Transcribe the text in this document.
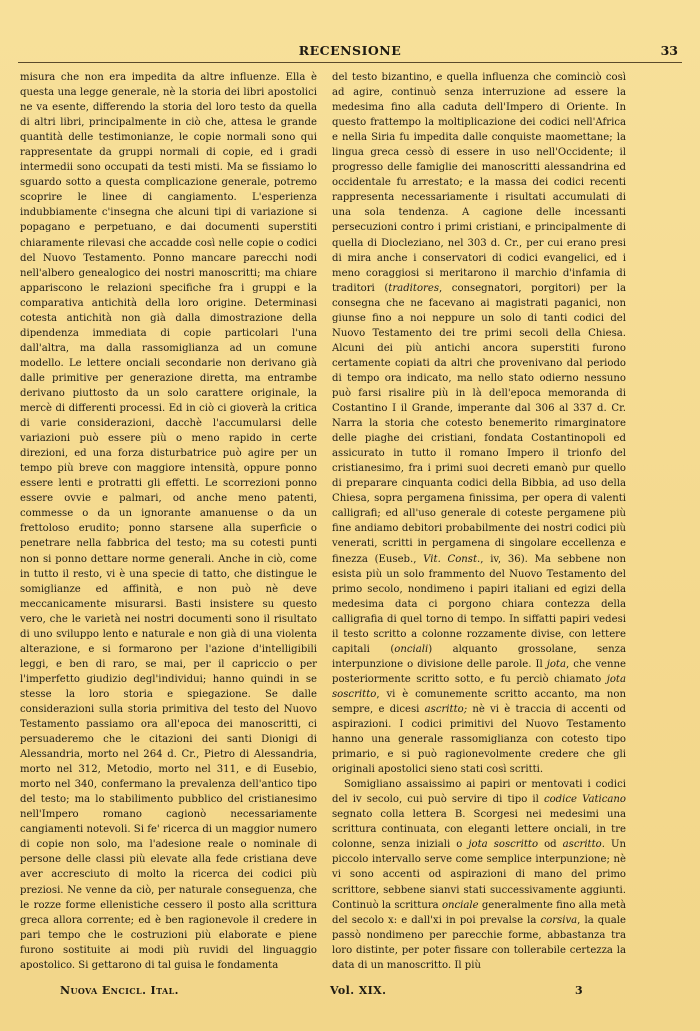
RECENSIONE	33

misura che non era impedita da altre influenze. Ella è questa una legge generale, nè la storia dei libri apostolici ne va esente, differendo la storia del loro testo da quella di altri libri, principalmente in ciò che, attesa le grande quantità delle testimonianze, le copie normali sono qui rappresentate da gruppi normali di copie, ed i gradi intermedii sono occupati da testi misti. Ma se fissiamo lo sguardo sotto a questa complicazione generale, potremo scoprire le linee di cangiamento. L'esperienza indubbiamente c'insegna che alcuni tipi di variazione si popagano e perpetuano, e dai documenti superstiti chiaramente rilevasi che accadde così nelle copie o codici del Nuovo Testamento. Ponno mancare parecchi nodi nell'albero genealogico dei nostri manoscritti; ma chiare appariscono le relazioni specifiche fra i gruppi e la comparativa antichità della loro origine. Determinasi cotesta antichità non già dalla dimostrazione della dipendenza immediata di copie particolari l'una dall'altra, ma dalla rassomiglianza ad un comune modello. Le lettere onciali secondarie non derivano già dalle primitive per generazione diretta, ma entrambe derivano piuttosto da un solo carattere originale, la mercè di differenti processi. Ed in ciò ci gioverà la critica di varie considerazioni, dacchè l'accumularsi delle variazioni può essere più o meno rapido in certe direzioni, ed una forza disturbatrice può agire per un tempo più breve con maggiore intensità, oppure ponno essere lenti e protratti gli effetti. Le scorrezioni ponno essere ovvie e palmari, od anche meno patenti, commesse o da un ignorante amanuense o da un frettoloso erudito; ponno starsene alla superficie o penetrare nella fabbrica del testo; ma su cotesti punti non si ponno dettare norme generali. Anche in ciò, come in tutto il resto, vi è una specie di tatto, che distingue le somiglianze ed affinità, e non può nè deve meccanicamente misurarsi. Basti insistere su questo vero, che le varietà nei nostri documenti sono il risultato di uno sviluppo lento e naturale e non già di una violenta alterazione, e si formarono per l'azione d'intelligibili leggi, e ben di raro, se mai, per il capriccio o per l'imperfetto giudizio degl'individui; hanno quindi in se stesse la loro storia e spiegazione. Se dalle considerazioni sulla storia primitiva del testo del Nuovo Testamento passiamo ora all'epoca dei manoscritti, ci persuaderemo che le citazioni dei santi Dionigi di Alessandria, morto nel 264 d. Cr., Pietro di Alessandria, morto nel 312, Metodio, morto nel 311, e di Eusebio, morto nel 340, confermano la prevalenza dell'antico tipo del testo; ma lo stabilimento pubblico del cristianesimo nell'Impero romano cagionò necessariamente cangiamenti notevoli. Si fe' ricerca di un maggior numero di copie non solo, ma l'adesione reale o nominale di persone delle classi più elevate alla fede cristiana deve aver accresciuto di molto la ricerca dei codici più preziosi. Ne venne da ciò, per naturale conseguenza, che le rozze forme ellenistiche cessero il posto alla scrittura greca allora corrente; ed è ben ragionevole il credere in pari tempo che le costruzioni più elaborate e piene furono sostituite ai modi più ruvidi del linguaggio apostolico. Si gettarono di tal guisa le fondamenta

del testo bizantino, e quella influenza che cominciò così ad agire, continuò senza interruzione ad essere la medesima fino alla caduta dell'Impero di Oriente. In questo frattempo la moltiplicazione dei codici nell'Africa e nella Siria fu impedita dalle conquiste maomettane; la lingua greca cessò di essere in uso nell'Occidente; il progresso delle famiglie dei manoscritti alessandrina ed occidentale fu arrestato; e la massa dei codici recenti rappresenta necessariamente i risultati accumulati di una sola tendenza. A cagione delle incessanti persecuzioni contro i primi cristiani, e principalmente di quella di Diocleziano, nel 303 d. Cr., per cui erano presi di mira anche i conservatori di codici evangelici, ed i meno coraggiosi si meritarono il marchio d'infamia di traditori (traditores, consegnatori, porgitori) per la consegna che ne facevano ai magistrati paganici, non giunse fino a noi neppure un solo di tanti codici del Nuovo Testamento dei tre primi secoli della Chiesa. Alcuni dei più antichi ancora superstiti furono certamente copiati da altri che provenivano dal periodo di tempo ora indicato, ma nello stato odierno nessuno può farsi risalire più in là dell'epoca memoranda di Costantino I il Grande, imperante dal 306 al 337 d. Cr. Narra la storia che cotesto benemerito rimarginatore delle piaghe dei cristiani, fondata Costantinopoli ed assicurato in tutto il romano Impero il trionfo del cristianesimo, fra i primi suoi decreti emanò pur quello di preparare cinquanta codici della Bibbia, ad uso della Chiesa, sopra pergamena finissima, per opera di valenti calligrafi; ed all'uso generale di coteste pergamene più fine andiamo debitori probabilmente dei nostri codici più venerati, scritti in pergamena di singolare eccellenza e finezza (Euseb., Vit. Const., iv, 36). Ma sebbene non esista più un solo frammento del Nuovo Testamento del primo secolo, nondimeno i papiri italiani ed egizi della medesima data ci porgono chiara contezza della calligrafia di quel torno di tempo. In siffatti papiri vedesi il testo scritto a colonne rozzamente divise, con lettere capitali (onciali) alquanto grossolane, senza interpunzione o divisione delle parole. Il jota, che venne posteriormente scritto sotto, e fu perciò chiamato jota soscritto, vi è comunemente scritto accanto, ma non sempre, e dicesi ascritto; nè vi è traccia di accenti od aspirazioni. I codici primitivi del Nuovo Testamento hanno una generale rassomiglianza con cotesto tipo primario, e si può ragionevolmente credere che gli originali apostolici sieno stati così scritti.

Somigliano assaissimo ai papiri or mentovati i codici del iv secolo, cui può servire di tipo il codice Vaticano segnato colla lettera B. Scorgesi nei medesimi una scrittura continuata, con eleganti lettere onciali, in tre colonne, senza iniziali o jota soscritto od ascritto. Un piccolo intervallo serve come semplice interpunzione; nè vi sono accenti od aspirazioni di mano del primo scrittore, sebbene sianvi stati successivamente aggiunti. Continuò la scrittura onciale generalmente fino alla metà del secolo x: e dall'xi in poi prevalse la corsiva, la quale passò nondimeno per parecchie forme, abbastanza tra loro distinte, per poter fissare con tollerabile certezza la data di un manoscritto. Il più

Nuova Encicl. Ital.	Vol. XIX.	3
